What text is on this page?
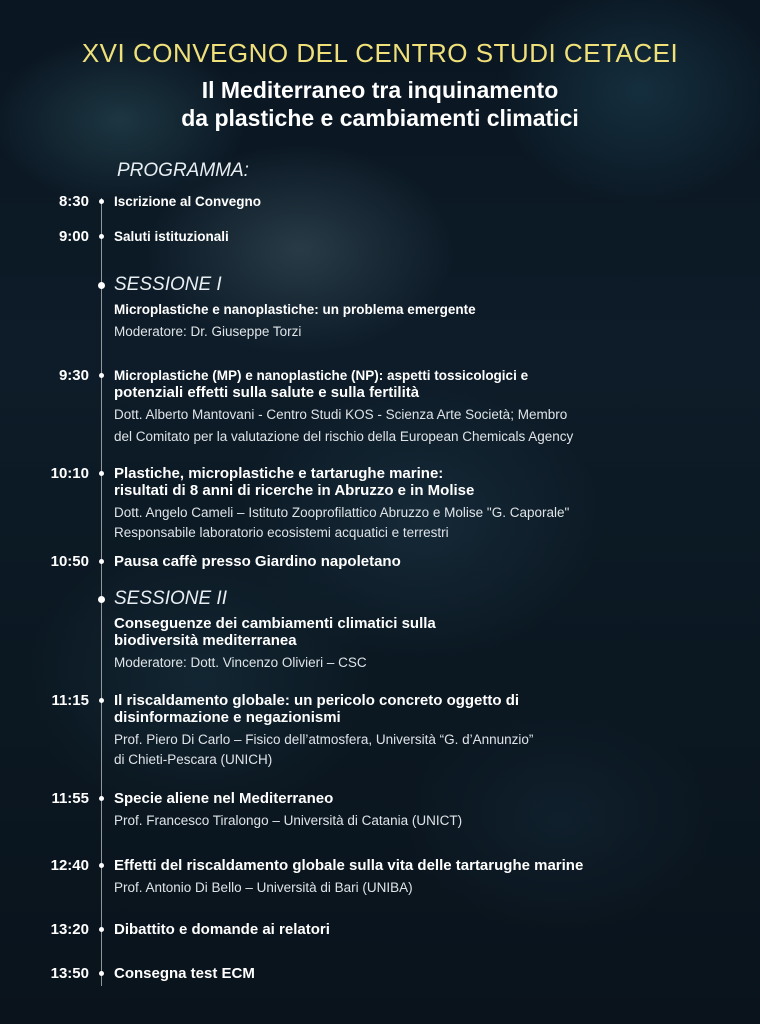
XVI CONVEGNO DEL CENTRO STUDI CETACEI
Il Mediterraneo tra inquinamento
da plastiche e cambiamenti climatici
PROGRAMMA:
8:30 Iscrizione al Convegno
9:00 Saluti istituzionali
SESSIONE I
Microplastiche e nanoplastiche: un problema emergente
Moderatore: Dr. Giuseppe Torzi
9:30 Microplastiche (MP) e nanoplastiche (NP): aspetti tossicologici e
potenziali effetti sulla salute e sulla fertilità
Dott. Alberto Mantovani - Centro Studi KOS - Scienza Arte Società; Membro
del Comitato per la valutazione del rischio della European Chemicals Agency
10:10 Plastiche, microplastiche e tartarughe marine:
risultati di 8 anni di ricerche in Abruzzo e in Molise
Dott. Angelo Cameli – Istituto Zooprofilattico Abruzzo e Molise "G. Caporale"
Responsabile laboratorio ecosistemi acquatici e terrestri
10:50 Pausa caffè presso Giardino napoletano
SESSIONE II
Conseguenze dei cambiamenti climatici sulla
biodiversità mediterranea
Moderatore: Dott. Vincenzo Olivieri – CSC
11:15 Il riscaldamento globale: un pericolo concreto oggetto di
disinformazione e negazionismi
Prof. Piero Di Carlo – Fisico dell’atmosfera, Università “G. d’Annunzio”
di Chieti-Pescara (UNICH)
11:55 Specie aliene nel Mediterraneo
Prof. Francesco Tiralongo – Università di Catania (UNICT)
12:40 Effetti del riscaldamento globale sulla vita delle tartarughe marine
Prof. Antonio Di Bello – Università di Bari (UNIBA)
13:20 Dibattito e domande ai relatori
13:50 Consegna test ECM
